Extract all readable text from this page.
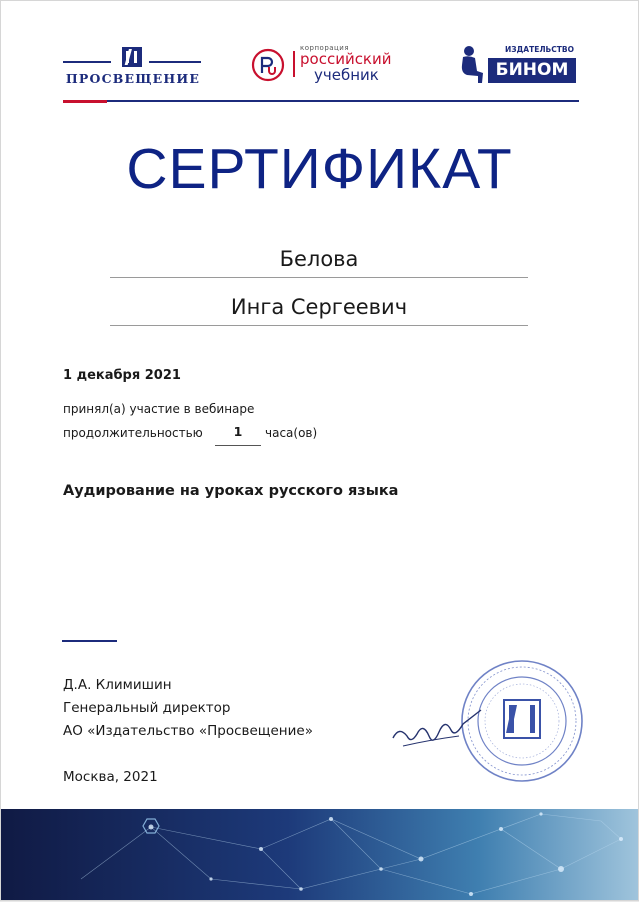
ПРОСВЕЩЕНИЕ
корпорация
российский
учебник
ИЗДАТЕЛЬСТВО
БИНОМ
СЕРТИФИКАТ
Белова
Инга Сергеевич
1 декабря 2021
принял(а) участие в вебинаре
продолжительностью	1	часа(ов)
Аудирование на уроках русского языка
Д.А. Климишин
Генеральный директор
АО «Издательство «Просвещение»
Москва, 2021
